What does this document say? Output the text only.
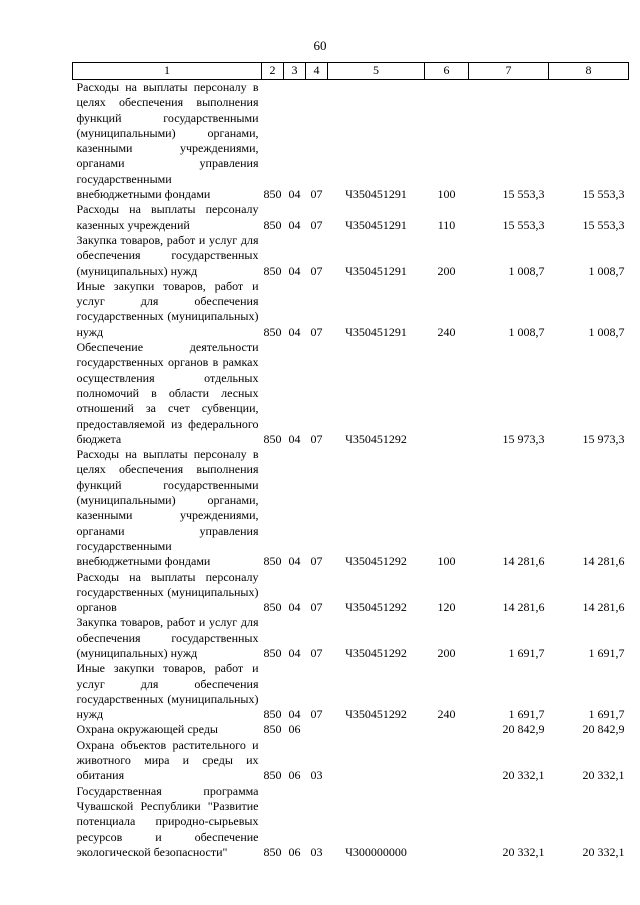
60
1	2	3	4	5	6	7	8
Расходы на выплаты персоналу в целях обеспечения выполнения функций государственными (муниципальными) органами, казенными учреждениями, органами управления государственными внебюджетными фондами	850	04	07	Ч350451291	100	15 553,3	15 553,3
Расходы на выплаты персоналу казенных учреждений	850	04	07	Ч350451291	110	15 553,3	15 553,3
Закупка товаров, работ и услуг для обеспечения государственных (муниципальных) нужд	850	04	07	Ч350451291	200	1 008,7	1 008,7
Иные закупки товаров, работ и услуг для обеспечения государственных (муниципальных) нужд	850	04	07	Ч350451291	240	1 008,7	1 008,7
Обеспечение деятельности государственных органов в рамках осуществления отдельных полномочий в области лесных отношений за счет субвенции, предоставляемой из федерального бюджета	850	04	07	Ч350451292		15 973,3	15 973,3
Расходы на выплаты персоналу в целях обеспечения выполнения функций государственными (муниципальными) органами, казенными учреждениями, органами управления государственными внебюджетными фондами	850	04	07	Ч350451292	100	14 281,6	14 281,6
Расходы на выплаты персоналу государственных (муниципальных) органов	850	04	07	Ч350451292	120	14 281,6	14 281,6
Закупка товаров, работ и услуг для обеспечения государственных (муниципальных) нужд	850	04	07	Ч350451292	200	1 691,7	1 691,7
Иные закупки товаров, работ и услуг для обеспечения государственных (муниципальных) нужд	850	04	07	Ч350451292	240	1 691,7	1 691,7
Охрана окружающей среды	850	06				20 842,9	20 842,9
Охрана объектов растительного и животного мира и среды их обитания	850	06	03			20 332,1	20 332,1
Государственная программа Чувашской Республики "Развитие потенциала природно-сырьевых ресурсов и обеспечение экологической безопасности"	850	06	03	Ч300000000		20 332,1	20 332,1
